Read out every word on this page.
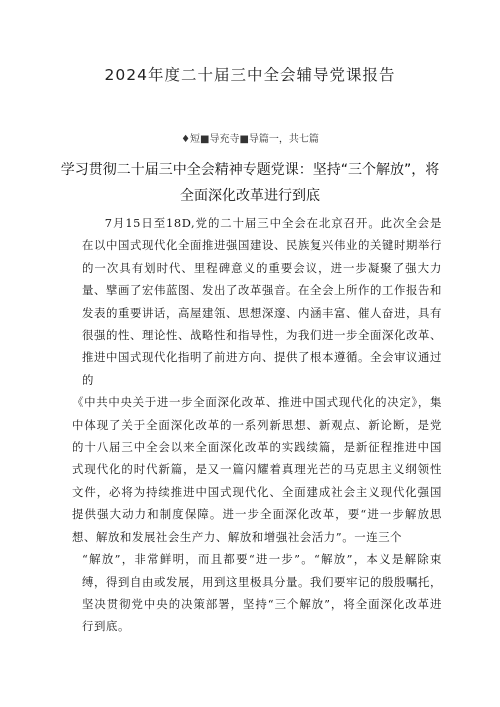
2024年度二十届三中全会辅导党课报告
♦短■导充寺■导篇一，共七篇
学习贯彻二十届三中全会精神专题党课：坚持“三个解放”，将全面深化改革进行到底

7月15日至18D,党的二十届三中全会在北京召开。此次全会是在以中国式现代化全面推进强国建设、民族复兴伟业的关键时期举行的一次具有划时代、里程碑意义的重要会议，进一步凝聚了强大力量、擘画了宏伟蓝图、发出了改革强音。在全会上所作的工作报告和发表的重要讲话，高屋建瓴、思想深邃、内涵丰富、催人奋进，具有很强的性、理论性、战略性和指导性，为我们进一步全面深化改革、推进中国式现代化指明了前进方向、提供了根本遵循。全会审议通过的

《中共中央关于进一步全面深化改革、推进中国式现代化的决定》，集中体现了关于全面深化改革的一系列新思想、新观点、新论断，是党的十八届三中全会以来全面深化改革的实践续篇，是新征程推进中国式现代化的时代新篇，是又一篇闪耀着真理光芒的马克思主义纲领性文件，必将为持续推进中国式现代化、全面建成社会主义现代化强国提供强大动力和制度保障。进一步全面深化改革，要“进一步解放思想、解放和发展社会生产力、解放和增强社会活力”。一连三个

“解放”，非常鲜明，而且都要“进一步”。“解放”，本义是解除束缚，得到自由或发展，用到这里极具分量。我们要牢记的殷殷嘱托，坚决贯彻党中央的决策部署，坚持“三个解放”，将全面深化改革进行到底。
